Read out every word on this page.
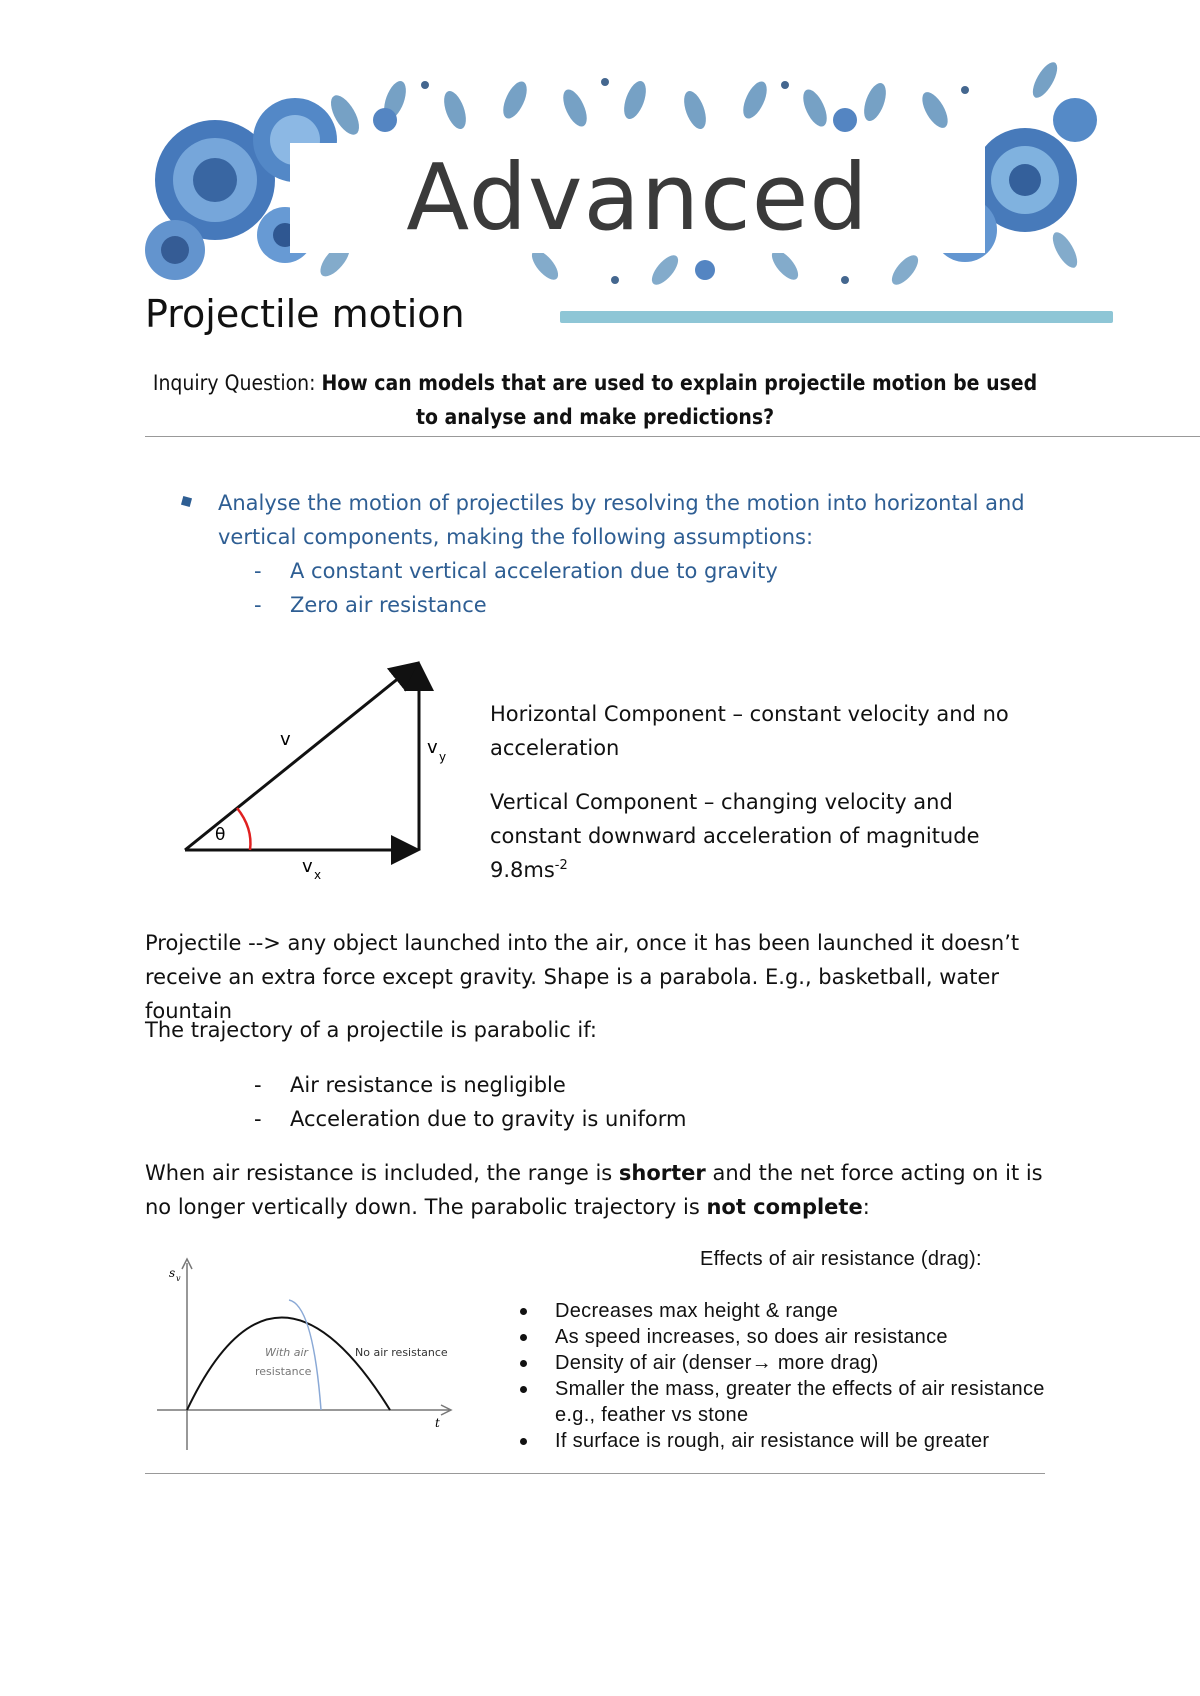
Advanced
Projectile motion
Inquiry Question: How can models that are used to explain projectile motion be used to analyse and make predictions?
Analyse the motion of projectiles by resolving the motion into horizontal and vertical components, making the following assumptions:
- A constant vertical acceleration due to gravity
- Zero air resistance
θ
v	v y
v x
Horizontal Component – constant velocity and no acceleration
Vertical Component – changing velocity and constant downward acceleration of magnitude $9.8ms^{-2}$
Projectile --> any object launched into the air, once it has been launched it doesn’t receive an extra force except gravity. Shape is a parabola. E.g., basketball, water fountain
The trajectory of a projectile is parabolic if:
- Air resistance is negligible
- Acceleration due to gravity is uniform
When air resistance is included, the range is shorter and the net force acting on it is no longer vertically down. The parabolic trajectory is not complete:
s v
t
With air
resistance
No air resistance
Effects of air resistance (drag):
Decreases max height & range
As speed increases, so does air resistance
Density of air (denser→ more drag)
Smaller the mass, greater the effects of air resistance      e.g., feather vs stone
If surface is rough, air resistance will be greater
